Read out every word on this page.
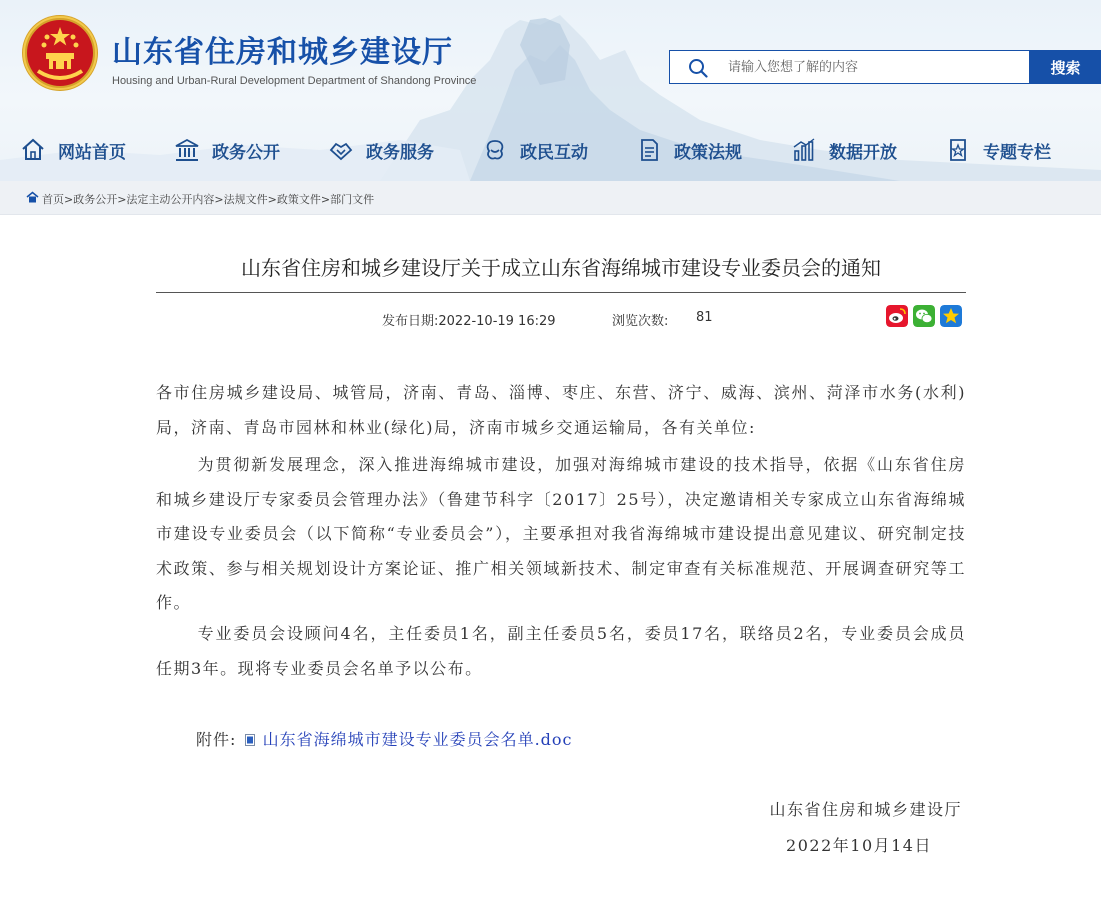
山东省住房和城乡建设厅
Housing and Urban-Rural Development Department of Shandong Province
请输入您想了解的内容
搜索
网站首页	政务公开	政务服务	政民互动	政策法规	数据开放	专题专栏
首页>政务公开>法定主动公开内容>法规文件>政策文件>部门文件
山东省住房和城乡建设厅关于成立山东省海绵城市建设专业委员会的通知
发布日期:2022-10-19 16:29	浏览次数: 81
各市住房城乡建设局、城管局，济南、青岛、淄博、枣庄、东营、济宁、威海、滨州、菏泽市水务(水利)局，济南、青岛市园林和林业(绿化)局，济南市城乡交通运输局，各有关单位:
为贯彻新发展理念，深入推进海绵城市建设，加强对海绵城市建设的技术指导，依据《山东省住房和城乡建设厅专家委员会管理办法》（鲁建节科字〔2017〕25号），决定邀请相关专家成立山东省海绵城市建设专业委员会（以下简称“专业委员会”），主要承担对我省海绵城市建设提出意见建议、研究制定技术政策、参与相关规划设计方案论证、推广相关领域新技术、制定审查有关标准规范、开展调查研究等工作。
专业委员会设顾问4名，主任委员1名，副主任委员5名，委员17名，联络员2名，专业委员会成员任期3年。现将专业委员会名单予以公布。
附件: 山东省海绵城市建设专业委员会名单.doc
山东省住房和城乡建设厅
2022年10月14日
